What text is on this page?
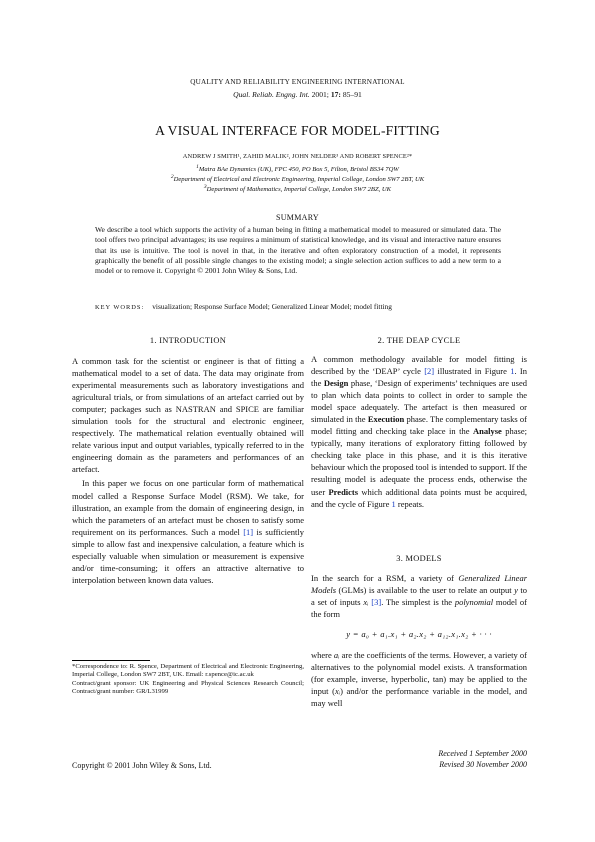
QUALITY AND RELIABILITY ENGINEERING INTERNATIONAL
Qual. Reliab. Engng. Int. 2001; 17: 85–91
A VISUAL INTERFACE FOR MODEL-FITTING
ANDREW J SMITH¹, ZAHID MALIK², JOHN NELDER³ AND ROBERT SPENCE²*
$^1$Matra BAe Dynamics (UK), FPC 450, PO Box 5, Filton, Bristol BS34 7QW
$^2$Department of Electrical and Electronic Engineering, Imperial College, London SW7 2BT, UK
$^3$Department of Mathematics, Imperial College, London SW7 2BZ, UK
SUMMARY
We describe a tool which supports the activity of a human being in fitting a mathematical model to measured or simulated data. The tool offers two principal advantages; its use requires a minimum of statistical knowledge, and its visual and interactive nature ensures that its use is intuitive. The tool is novel in that, in the iterative and often exploratory construction of a model, it represents graphically the benefit of all possible single changes to the existing model; a single selection action suffices to add a new term to a model or to remove it. Copyright © 2001 John Wiley & Sons, Ltd.
KEY WORDS: visualization; Response Surface Model; Generalized Linear Model; model fitting
1. INTRODUCTION

A common task for the scientist or engineer is that of fitting a mathematical model to a set of data. The data may originate from experimental measurements such as laboratory investigations and agricultural trials, or from simulations of an artefact carried out by computer; packages such as NASTRAN and SPICE are familiar simulation tools for the structural and electronic engineer, respectively. The mathematical relation eventually obtained will relate various input and output variables, typically referred to in the engineering domain as the parameters and performances of an artefact.

In this paper we focus on one particular form of mathematical model called a Response Surface Model (RSM). We take, for illustration, an example from the domain of engineering design, in which the parameters of an artefact must be chosen to satisfy some requirement on its performances. Such a model [1] is sufficiently simple to allow fast and inexpensive calculation, a feature which is especially valuable when simulation or measurement is expensive and/or time-consuming; it offers an attractive alternative to interpolation between known data values.

*Correspondence to: R. Spence, Department of Electrical and Electronic Engineering, Imperial College, London SW7 2BT, UK. Email: r.spence@ic.ac.uk

Contract/grant sponsor: UK Engineering and Physical Sciences Research Council; Contract/grant number: GR/L31999

2. THE DEAP CYCLE

A common methodology available for model fitting is described by the ‘DEAP’ cycle [2] illustrated in Figure 1. In the Design phase, ‘Design of experiments’ techniques are used to plan which data points to collect in order to sample the model space adequately. The artefact is then measured or simulated in the Execution phase. The complementary tasks of model fitting and checking take place in the Analyse phase; typically, many iterations of exploratory fitting followed by checking take place in this phase, and it is this iterative behaviour which the proposed tool is intended to support. If the resulting model is adequate the process ends, otherwise the user Predicts which additional data points must be acquired, and the cycle of Figure 1 repeats.

3. MODELS

In the search for a RSM, a variety of Generalized Linear Models (GLMs) is available to the user to relate an output y to a set of inputs xᵢ [3]. The simplest is the polynomial model of the form

y = a₀ + a₁.x₁ + a₂.x₂ + a₁₂.x₁.x₂ + · · ·

where aᵢ are the coefficients of the terms. However, a variety of alternatives to the polynomial model exists. A transformation (for example, inverse, hyperbolic, tan) may be applied to the input (xᵢ) and/or the performance variable in the model, and may well

Received 1 September 2000
Revised 30 November 2000
Copyright © 2001 John Wiley & Sons, Ltd.
